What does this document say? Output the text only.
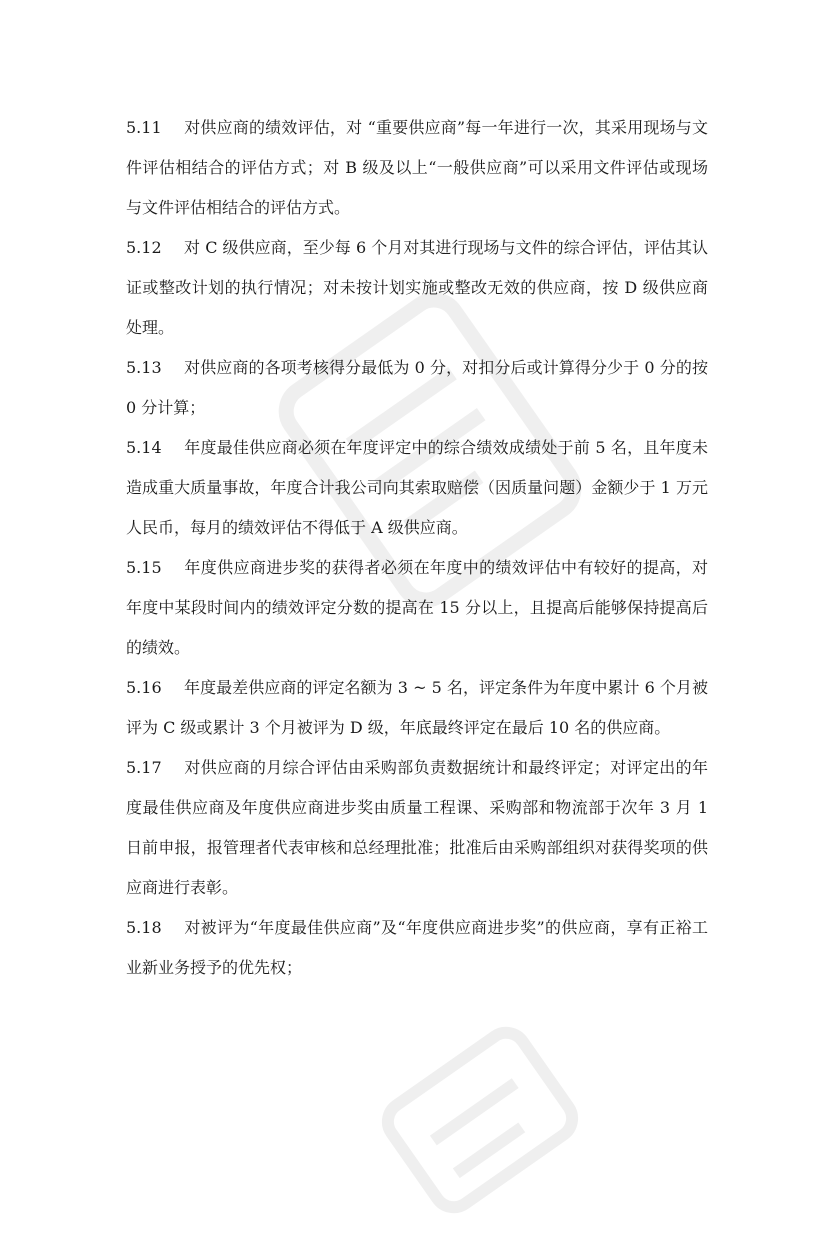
5.11 对供应商的绩效评估，对 “重要供应商”每一年进行一次，其采用现场与文件评估相结合的评估方式；对 B 级及以上“一般供应商”可以采用文件评估或现场与文件评估相结合的评估方式。

5.12 对 C 级供应商，至少每 6 个月对其进行现场与文件的综合评估，评估其认证或整改计划的执行情况；对未按计划实施或整改无效的供应商，按 D 级供应商处理。

5.13 对供应商的各项考核得分最低为 0 分，对扣分后或计算得分少于 0 分的按 0 分计算；

5.14 年度最佳供应商必须在年度评定中的综合绩效成绩处于前 5 名，且年度未造成重大质量事故，年度合计我公司向其索取赔偿（因质量问题）金额少于 1 万元人民币，每月的绩效评估不得低于 A 级供应商。

5.15 年度供应商进步奖的获得者必须在年度中的绩效评估中有较好的提高，对年度中某段时间内的绩效评定分数的提高在 15 分以上，且提高后能够保持提高后的绩效。

5.16 年度最差供应商的评定名额为 3 ~ 5 名，评定条件为年度中累计 6 个月被评为 C 级或累计 3 个月被评为 D 级，年底最终评定在最后 10 名的供应商。

5.17 对供应商的月综合评估由采购部负责数据统计和最终评定；对评定出的年度最佳供应商及年度供应商进步奖由质量工程课、采购部和物流部于次年 3 月 1 日前申报，报管理者代表审核和总经理批准；批准后由采购部组织对获得奖项的供应商进行表彰。

5.18 对被评为“年度最佳供应商”及“年度供应商进步奖”的供应商，享有正裕工业新业务授予的优先权；
